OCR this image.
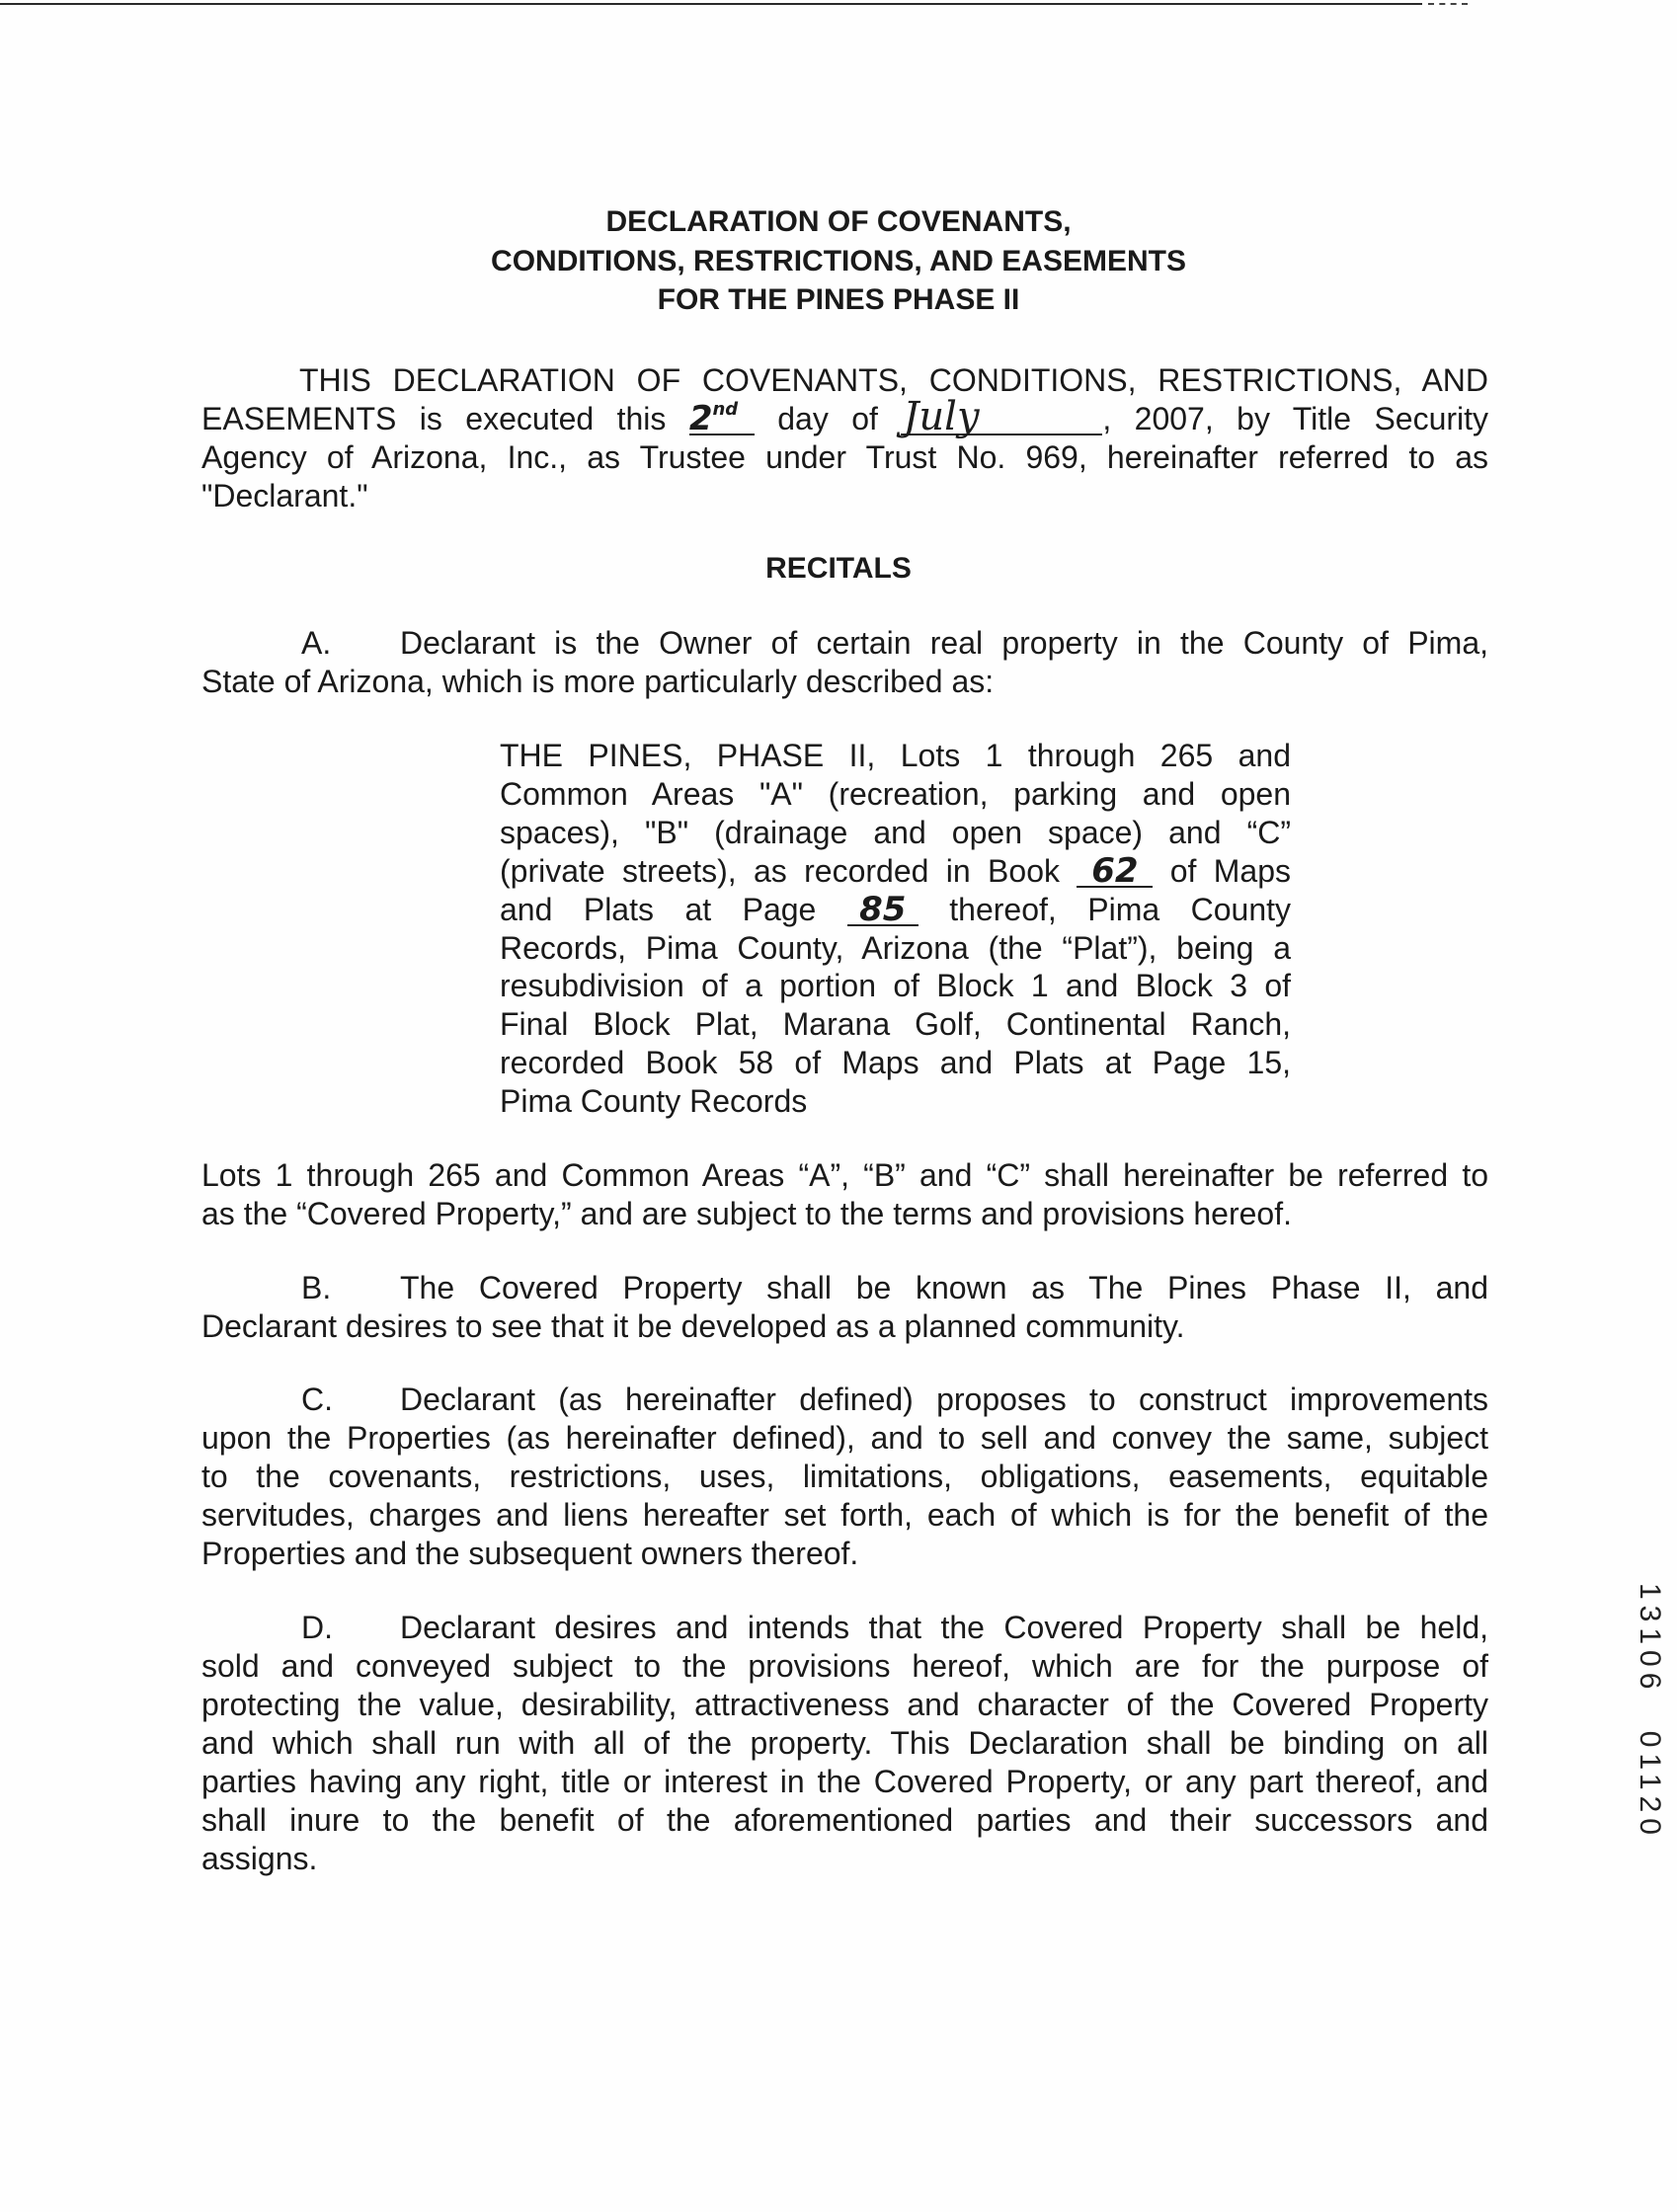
DECLARATION OF COVENANTS,
CONDITIONS, RESTRICTIONS, AND EASEMENTS
FOR THE PINES PHASE II
THIS DECLARATION OF COVENANTS, CONDITIONS, RESTRICTIONS, AND
EASEMENTS is executed this 2nd day of July	, 2007, by Title Security
Agency of Arizona, Inc., as Trustee under Trust No. 969, hereinafter referred to as
"Declarant."
RECITALS
A.	Declarant is the Owner of certain real property in the County of Pima,
State of Arizona, which is more particularly described as:
THE PINES, PHASE II, Lots 1 through 265 and
Common Areas "A" (recreation, parking and open
spaces), "B" (drainage and open space) and “C”
(private streets), as recorded in Book 62 of Maps
and Plats at Page 85 thereof, Pima County
Records, Pima County, Arizona (the “Plat”), being a
resubdivision of a portion of Block 1 and Block 3 of
Final Block Plat, Marana Golf, Continental Ranch,
recorded Book 58 of Maps and Plats at Page 15,
Pima County Records
Lots 1 through 265 and Common Areas “A”, “B” and “C” shall hereinafter be referred to
as the “Covered Property,” and are subject to the terms and provisions hereof.
B.	The Covered Property shall be known as The Pines Phase II, and
Declarant desires to see that it be developed as a planned community.
C.	Declarant (as hereinafter defined) proposes to construct improvements
upon the Properties (as hereinafter defined), and to sell and convey the same, subject
to the covenants, restrictions, uses, limitations, obligations, easements, equitable
servitudes, charges and liens hereafter set forth, each of which is for the benefit of the
Properties and the subsequent owners thereof.
D.	Declarant desires and intends that the Covered Property shall be held,
sold and conveyed subject to the provisions hereof, which are for the purpose of
protecting the value, desirability, attractiveness and character of the Covered Property
and which shall run with all of the property. This Declaration shall be binding on all
parties having any right, title or interest in the Covered Property, or any part thereof, and
shall inure to the benefit of the aforementioned parties and their successors and
assigns.
13106 01120
